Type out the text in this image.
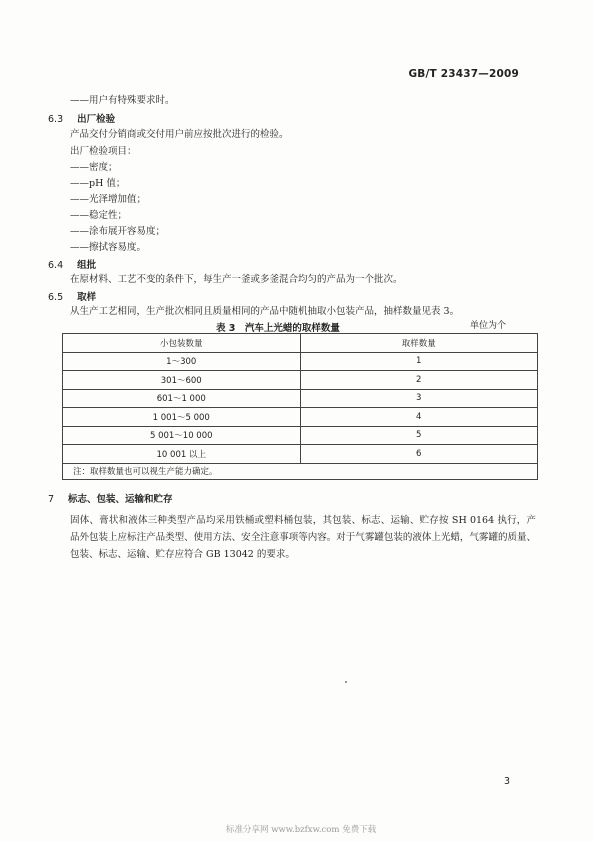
GB/T 23437—2009
——用户有特殊要求时。
6.3 出厂检验
产品交付分销商或交付用户前应按批次进行的检验。
出厂检验项目：
——密度；
——pH 值；
——光泽增加值；
——稳定性；
——涂布展开容易度；
——擦拭容易度。
6.4 组批
在原材料、工艺不变的条件下，每生产一釜或多釜混合均匀的产品为一个批次。
6.5 取样
从生产工艺相同，生产批次相同且质量相同的产品中随机抽取小包装产品，抽样数量见表 3。
表 3　汽车上光蜡的取样数量	单位为个
小包装数量	取样数量
1～300	1
301～600	2
601～1 000	3
1 001～5 000	4
5 001～10 000	5
10 001 以上	6
注：取样数量也可以视生产能力确定。	
7 标志、包装、运输和贮存
固体、膏状和液体三种类型产品均采用铁桶或塑料桶包装，其包装、标志、运输、贮存按 SH 0164 执行，产品外包装上应标注产品类型、使用方法、安全注意事项等内容。对于气雾罐包装的液体上光蜡，气雾罐的质量、包装、标志、运输、贮存应符合 GB 13042 的要求。
3
标准分享网 www.bzfxw.com 免费下载
